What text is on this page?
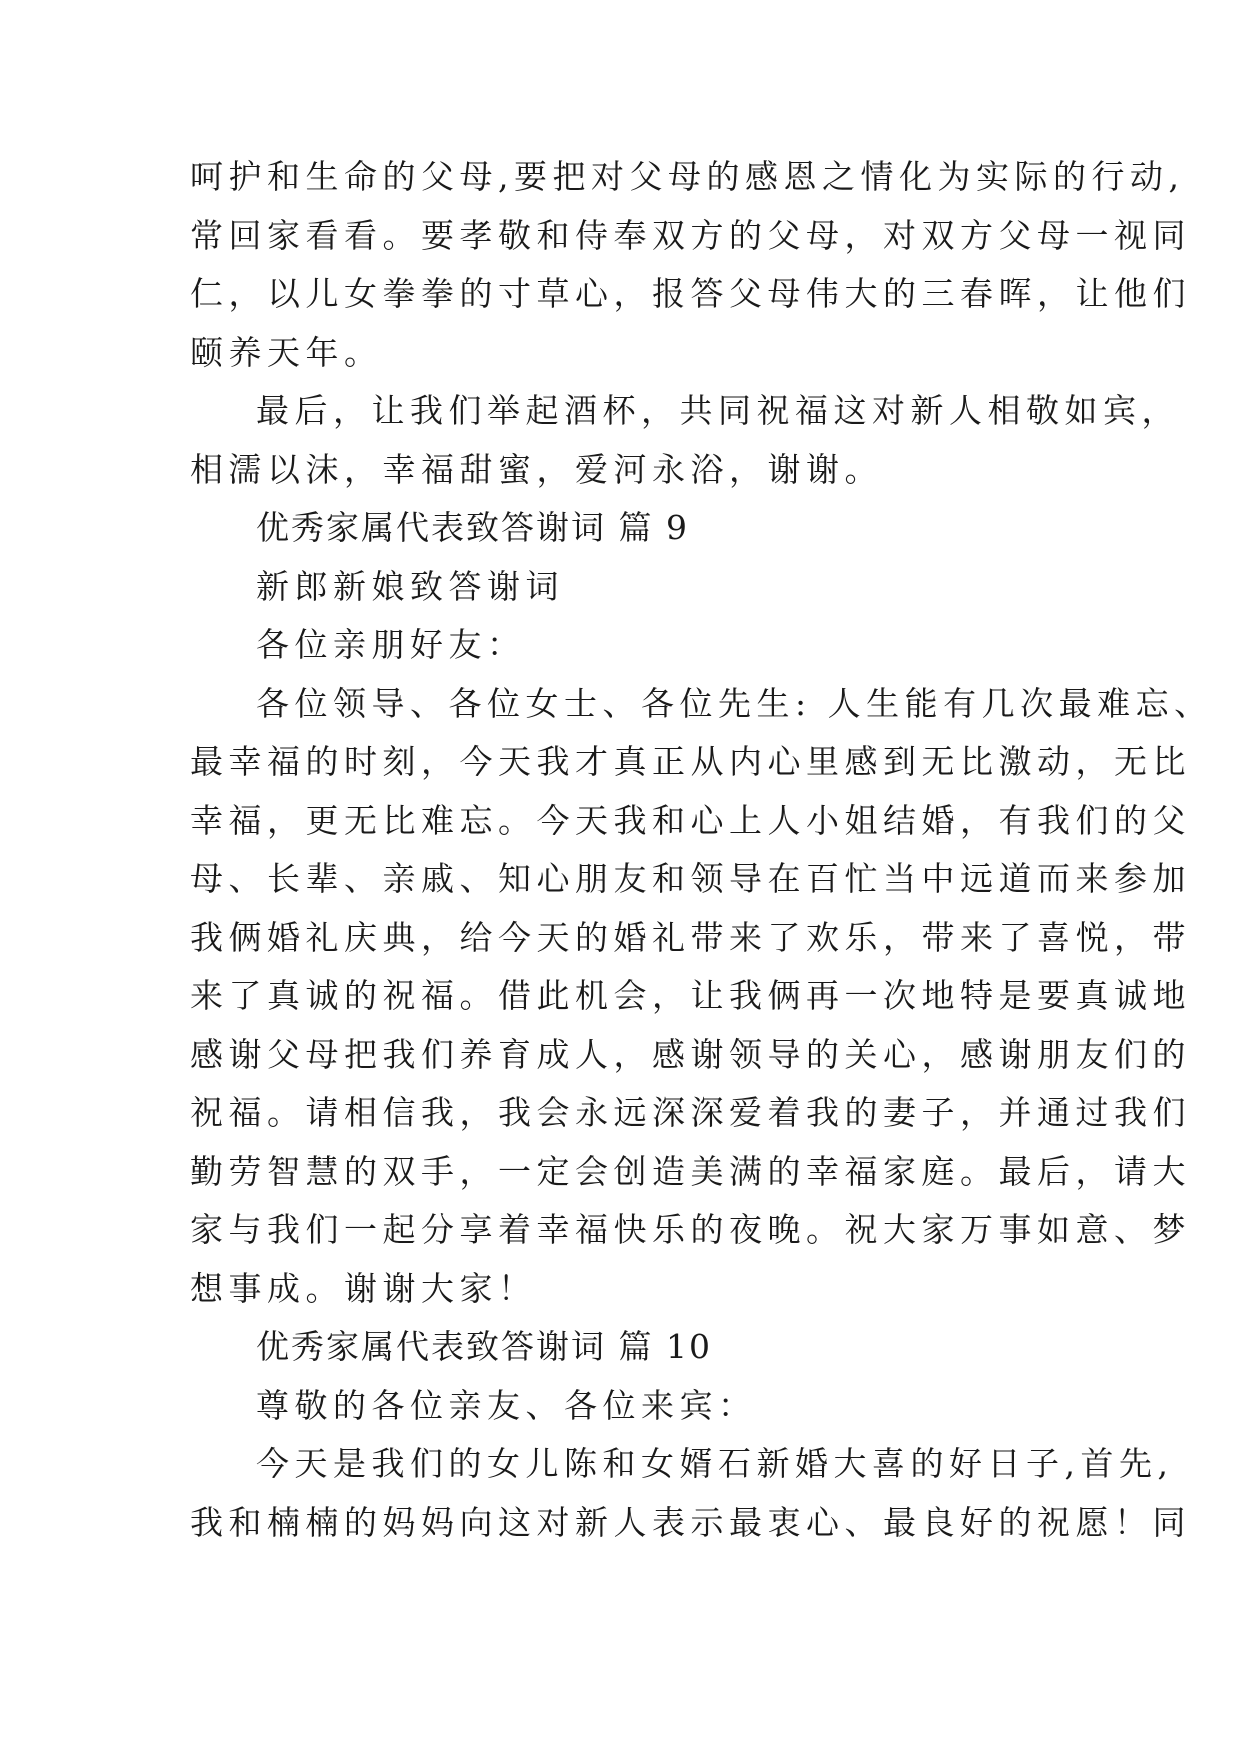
呵护和生命的父母,要把对父母的感恩之情化为实际的行动,
常回家看看。要孝敬和侍奉双方的父母，对双方父母一视同
仁，以儿女拳拳的寸草心，报答父母伟大的三春晖，让他们
颐养天年。
最后，让我们举起酒杯，共同祝福这对新人相敬如宾，
相濡以沫，幸福甜蜜，爱河永浴，谢谢。
优秀家属代表致答谢词 篇 9
新郎新娘致答谢词
各位亲朋好友：
各位领导、各位女士、各位先生: 人生能有几次最难忘、
最幸福的时刻，今天我才真正从内心里感到无比激动，无比
幸福，更无比难忘。今天我和心上人小姐结婚，有我们的父
母、长辈、亲戚、知心朋友和领导在百忙当中远道而来参加
我俩婚礼庆典，给今天的婚礼带来了欢乐，带来了喜悦，带
来了真诚的祝福。借此机会，让我俩再一次地特是要真诚地
感谢父母把我们养育成人，感谢领导的关心，感谢朋友们的
祝福。请相信我，我会永远深深爱着我的妻子，并通过我们
勤劳智慧的双手，一定会创造美满的幸福家庭。最后，请大
家与我们一起分享着幸福快乐的夜晚。祝大家万事如意、梦
想事成。谢谢大家！
优秀家属代表致答谢词 篇 10
尊敬的各位亲友、各位来宾：
今天是我们的女儿陈和女婿石新婚大喜的好日子,首先,
我和楠楠的妈妈向这对新人表示最衷心、最良好的祝愿！同
